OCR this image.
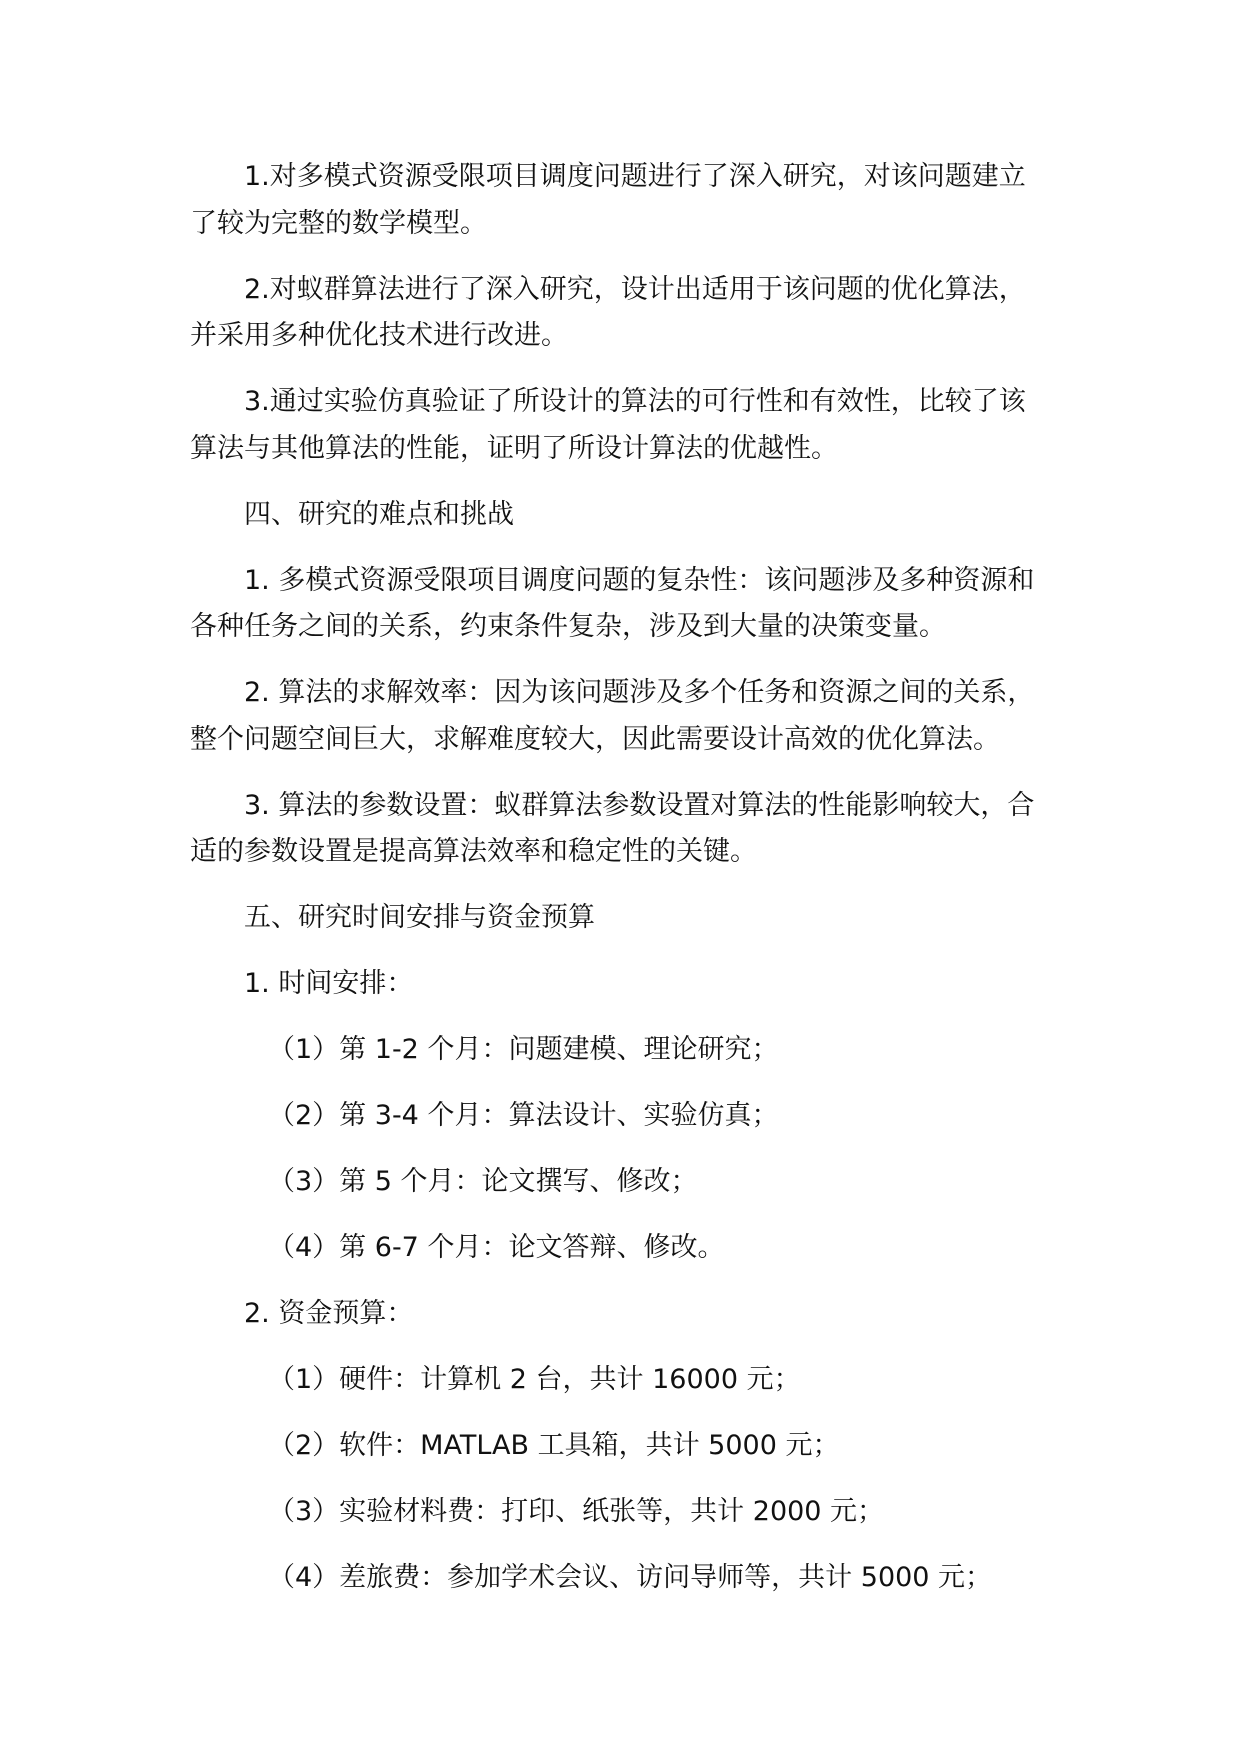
1.对多模式资源受限项目调度问题进行了深入研究，对该问题建立了较为完整的数学模型。

2.对蚁群算法进行了深入研究，设计出适用于该问题的优化算法，并采用多种优化技术进行改进。

3.通过实验仿真验证了所设计的算法的可行性和有效性，比较了该算法与其他算法的性能，证明了所设计算法的优越性。

四、研究的难点和挑战

1. 多模式资源受限项目调度问题的复杂性：该问题涉及多种资源和各种任务之间的关系，约束条件复杂，涉及到大量的决策变量。

2. 算法的求解效率：因为该问题涉及多个任务和资源之间的关系，整个问题空间巨大，求解难度较大，因此需要设计高效的优化算法。

3. 算法的参数设置：蚁群算法参数设置对算法的性能影响较大，合适的参数设置是提高算法效率和稳定性的关键。

五、研究时间安排与资金预算

1. 时间安排：

（1）第 1-2 个月：问题建模、理论研究；

（2）第 3-4 个月：算法设计、实验仿真；

（3）第 5 个月：论文撰写、修改；

（4）第 6-7 个月：论文答辩、修改。

2. 资金预算：

（1）硬件：计算机 2 台，共计 16000 元；

（2）软件：MATLAB 工具箱，共计 5000 元；

（3）实验材料费：打印、纸张等，共计 2000 元；

（4）差旅费：参加学术会议、访问导师等，共计 5000 元；
